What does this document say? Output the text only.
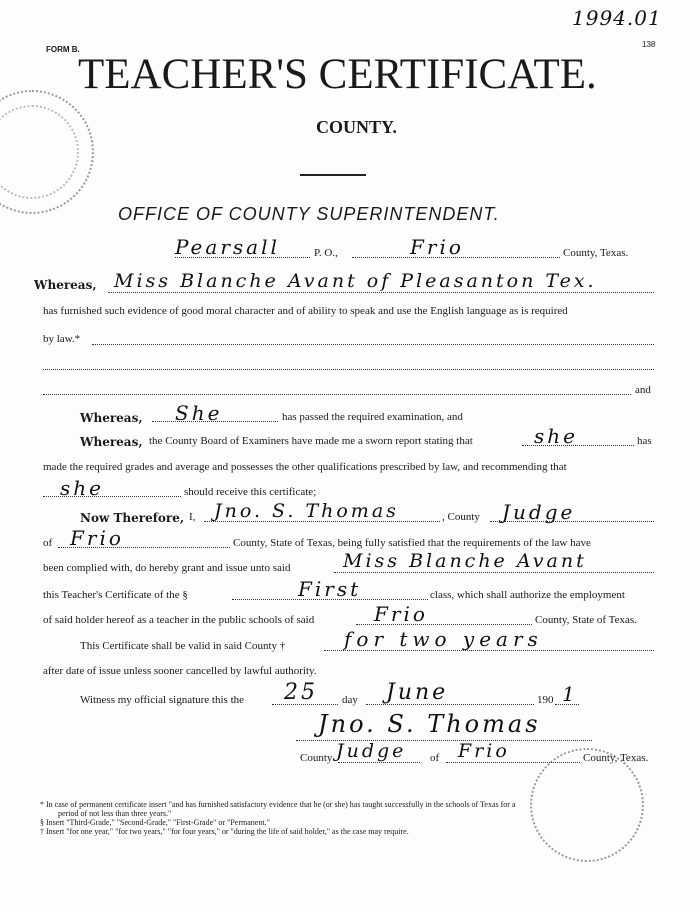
1994.01
FORM B.
138
TEACHER'S CERTIFICATE.
COUNTY.
OFFICE OF COUNTY SUPERINTENDENT.
Pearsall	P. O.,	Frio	County, Texas.
Whereas, Miss Blanche Avant of Pleasanton Tex.
has furnished such evidence of good moral character and of ability to speak and use the English language as is required
by law.*
and
Whereas, She	has passed the required examination, and
Whereas, the County Board of Examiners have made me a sworn report stating that	she	has
made the required grades and average and possesses the other qualifications prescribed by law, and recommending that
she	should receive this certificate;
Now Therefore, I, Jno. S. Thomas	, County Judge
of Frio	County, State of Texas, being fully satisfied that the requirements of the law have
been complied with, do hereby grant and issue unto said	Miss Blanche Avant
this Teacher's Certificate of the §	First	class, which shall authorize the employment
of said holder hereof as a teacher in the public schools of said	Frio	County, State of Texas.
This Certificate shall be valid in said County †	for two years
after date of issue unless sooner cancelled by lawful authority.
Witness my official signature this the 25 day June	190 1
Jno. S. Thomas
County Judge of Frio	County, Texas.
* In case of permanent certificate insert "and has furnished satisfactory evidence that he (or she) has taught successfully in the schools of Texas for a
period of not less than three years."
§ Insert "Third-Grade," "Second-Grade," "First-Grade" or "Permanent."
† Insert "for one year," "for two years," "for four years," or "during the life of said holder," as the case may require.
